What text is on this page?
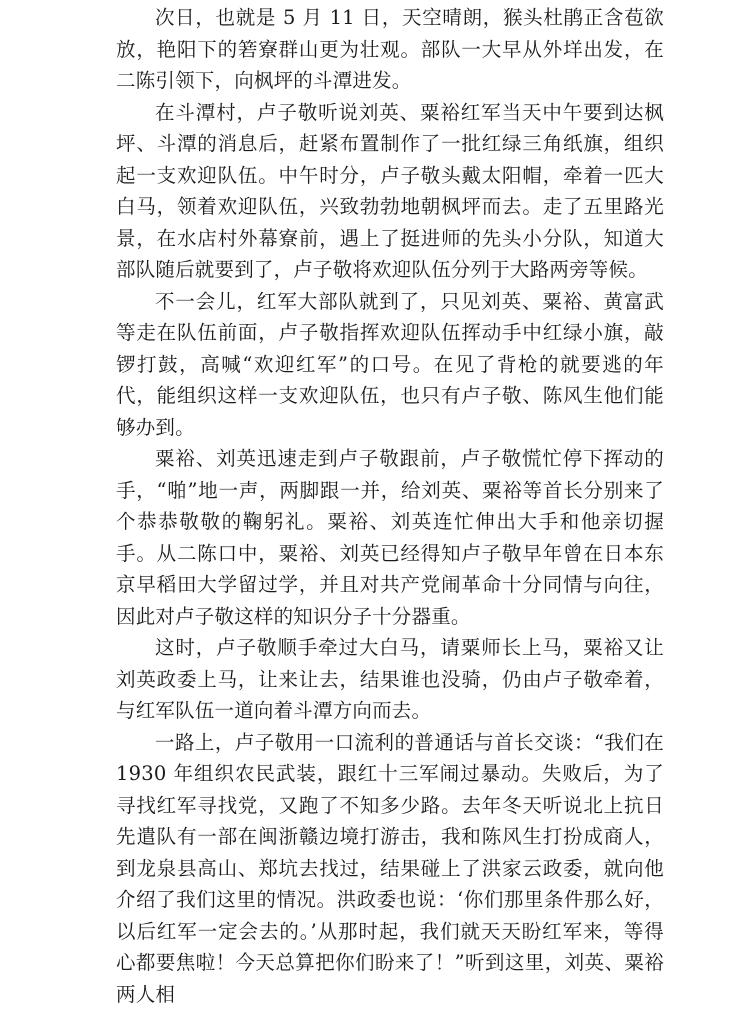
次日，也就是 5 月 11 日，天空晴朗，猴头杜鹃正含苞欲放，艳阳下的箬寮群山更为壮观。部队一大早从外垟出发，在二陈引领下，向枫坪的斗潭进发。

在斗潭村，卢子敬听说刘英、粟裕红军当天中午要到达枫坪、斗潭的消息后，赶紧布置制作了一批红绿三角纸旗，组织起一支欢迎队伍。中午时分，卢子敬头戴太阳帽，牵着一匹大白马，领着欢迎队伍，兴致勃勃地朝枫坪而去。走了五里路光景，在水店村外幕寮前，遇上了挺进师的先头小分队，知道大部队随后就要到了，卢子敬将欢迎队伍分列于大路两旁等候。

不一会儿，红军大部队就到了，只见刘英、粟裕、黄富武等走在队伍前面，卢子敬指挥欢迎队伍挥动手中红绿小旗，敲锣打鼓，高喊“欢迎红军”的口号。在见了背枪的就要逃的年代，能组织这样一支欢迎队伍，也只有卢子敬、陈风生他们能够办到。

粟裕、刘英迅速走到卢子敬跟前，卢子敬慌忙停下挥动的手，“啪”地一声，两脚跟一并，给刘英、粟裕等首长分别来了个恭恭敬敬的鞠躬礼。粟裕、刘英连忙伸出大手和他亲切握手。从二陈口中，粟裕、刘英已经得知卢子敬早年曾在日本东京早稻田大学留过学，并且对共产党闹革命十分同情与向往，因此对卢子敬这样的知识分子十分器重。

这时，卢子敬顺手牵过大白马，请粟师长上马，粟裕又让刘英政委上马，让来让去，结果谁也没骑，仍由卢子敬牵着，与红军队伍一道向着斗潭方向而去。

一路上，卢子敬用一口流利的普通话与首长交谈：“我们在 1930 年组织农民武装，跟红十三军闹过暴动。失败后，为了寻找红军寻找党，又跑了不知多少路。去年冬天听说北上抗日先遣队有一部在闽浙赣边境打游击，我和陈风生打扮成商人，到龙泉县高山、郑坑去找过，结果碰上了洪家云政委，就向他介绍了我们这里的情况。洪政委也说：‘你们那里条件那么好，以后红军一定会去的。’从那时起，我们就天天盼红军来，等得心都要焦啦！今天总算把你们盼来了！”听到这里，刘英、粟裕两人相
